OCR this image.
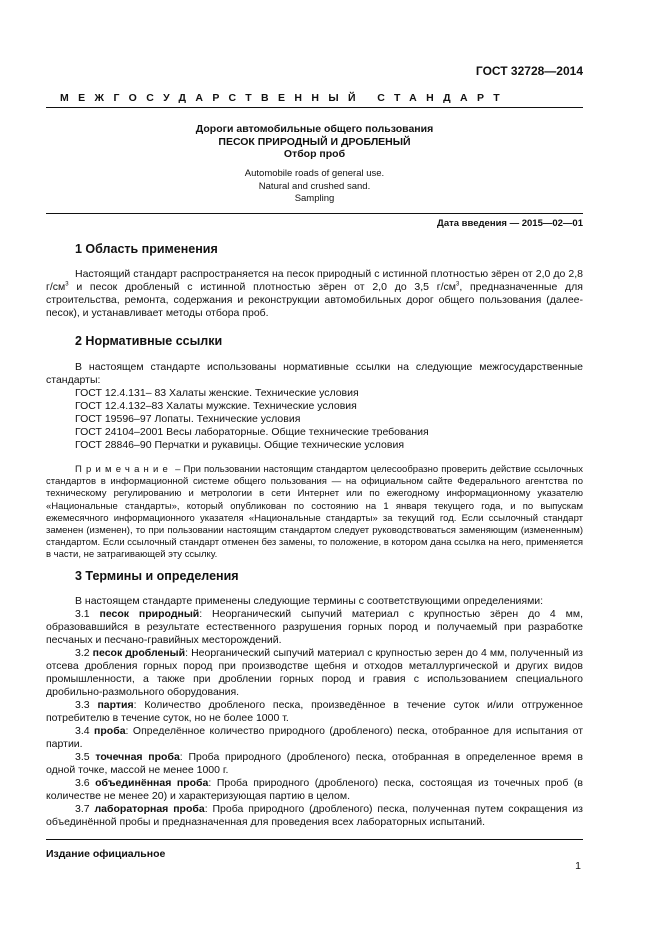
ГОСТ 32728—2014
МЕЖГОСУДАРСТВЕННЫЙ СТАНДАРТ
Дороги автомобильные общего пользования
ПЕСОК ПРИРОДНЫЙ И ДРОБЛЕНЫЙ
Отбор проб
Automobile roads of general use.
Natural and crushed sand.
Sampling
Дата введения — 2015—02—01
1 Область применения

Настоящий стандарт распространяется на песок природный с истинной плотностью зёрен от 2,0 до 2,8 $г/см^3$ и песок дробленый с истинной плотностью зёрен от 2,0 до 3,5 $г/см^3$, предназначенные для строительства, ремонта, содержания и реконструкции автомобильных дорог общего пользования (далее-песок), и устанавливает методы отбора проб.

2 Нормативные ссылки

В настоящем стандарте использованы нормативные ссылки на следующие межгосударственные стандарты:

ГОСТ 12.4.131– 83 Халаты женские. Технические условия
ГОСТ 12.4.132–83 Халаты мужские. Технические условия
ГОСТ 19596–97 Лопаты. Технические условия
ГОСТ 24104–2001 Весы лабораторные. Общие технические требования
ГОСТ 28846–90 Перчатки и рукавицы. Общие технические условия

Примечание – При пользовании настоящим стандартом целесообразно проверить действие ссылочных стандартов в информационной системе общего пользования — на официальном сайте Федерального агентства по техническому регулированию и метрологии в сети Интернет или по ежегодному информационному указателю «Национальные стандарты», который опубликован по состоянию на 1 января текущего года, и по выпускам ежемесячного информационного указателя «Национальные стандарты» за текущий год. Если ссылочный стандарт заменен (изменен), то при пользовании настоящим стандартом следует руководствоваться заменяющим (измененным) стандартом. Если ссылочный стандарт отменен без замены, то положение, в котором дана ссылка на него, применяется в части, не затрагивающей эту ссылку.

3 Термины и определения

В настоящем стандарте применены следующие термины с соответствующими определениями:

3.1 песок природный: Неорганический сыпучий материал с крупностью зёрен до 4 мм, образовавшийся в результате естественного разрушения горных пород и получаемый при разработке песчаных и песчано-гравийных месторождений.

3.2 песок дробленый: Неорганический сыпучий материал с крупностью зерен до 4 мм, полученный из отсева дробления горных пород при производстве щебня и отходов металлургической и других видов промышленности, а также при дроблении горных пород и гравия с использованием специального дробильно-размольного оборудования.

3.3 партия: Количество дробленого песка, произведённое в течение суток и/или отгруженное потребителю в течение суток, но не более 1000 т.

3.4 проба: Определённое количество природного (дробленого) песка, отобранное для испытания от партии.

3.5 точечная проба: Проба природного (дробленого) песка, отобранная в определенное время в одной точке, массой не менее 1000 г.

3.6 объединённая проба: Проба природного (дробленого) песка, состоящая из точечных проб (в количестве не менее 20) и характеризующая партию в целом.

3.7 лабораторная проба: Проба природного (дробленого) песка, полученная путем сокращения из объединённой пробы и предназначенная для проведения всех лабораторных испытаний.

Издание официальное
1
